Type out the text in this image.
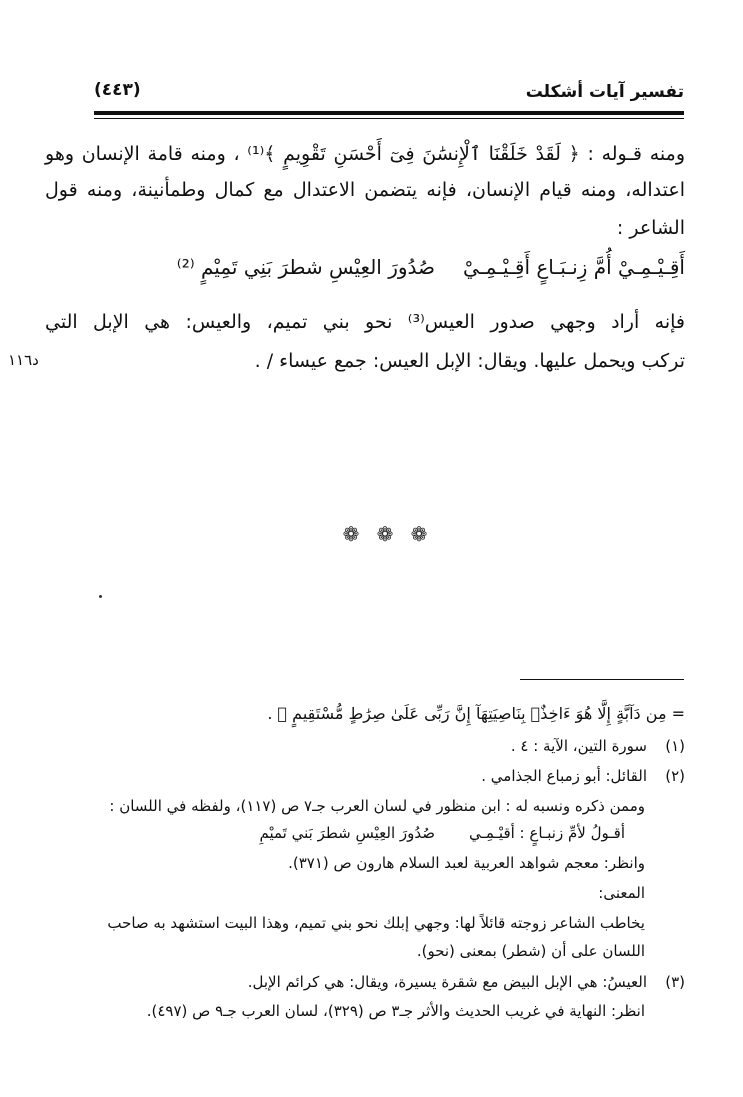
تفسير آيات أشكلت
(٤٤٣)
ومنه قـوله : ﴿ لَقَدْ خَلَقْنَا ٱلْإِنسَٰنَ فِىٓ أَحْسَنِ تَقْوِيمٍ ﴾⁽¹⁾ ، ومنه قامة الإنسان وهو
اعتداله، ومنه قيام الإنسان، فإنه يتضمن الاعتدال مع كمال وطمأنينة، ومنه قول
الشاعر :
أَقِـيْـمِـيْ أُمَّ زِنـبَـاعٍ أَقِـيْـمِـيْ
صُدُورَ العِيْسِ شطرَ بَنِي تَمِيْمٍ ⁽²⁾
فإنه أراد وجهي صدور العيس⁽³⁾ نحو بني تميم، والعيس: هي الإبل التي
تركب ويحمل عليها. ويقال: الإبل العيس: جمع عيساء / .
د١١٦
❁
❁
❁
= مِن دَآبَّةٍ إِلَّا هُوَ ءَاخِذٌۢ بِنَاصِيَتِهَآ إِنَّ رَبِّى عَلَىٰ صِرَٰطٍ مُّسْتَقِيمٍ ﴾ .
(١)سورة التين، الآية : ٤ .
(٢)القائل: أبو زمباع الجذامي .
وممن ذكره ونسبه له : ابن منظور في لسان العرب جـ٧ ص (١١٧)، ولفظه في اللسان :
أقـولُ لأمِّ زنبـاعٍ : أقيْـمِـي
صُدُورَ العِيْسِ شطرَ بَني تَميْمِ
وانظر: معجم شواهد العربية لعبد السلام هارون ص (٣٧١).
المعنى:
يخاطب الشاعر زوجته قائلاً لها: وجهي إبلك نحو بني تميم، وهذا البيت استشهد به صاحب
اللسان على أن (شطر) بمعنى (نحو).
(٣)العيسُ: هي الإبل البيض مع شقرة يسيرة، ويقال: هي كرائم الإبل.
انظر: النهاية في غريب الحديث والأثر جـ٣ ص (٣٢٩)، لسان العرب جـ٩ ص (٤٩٧).
